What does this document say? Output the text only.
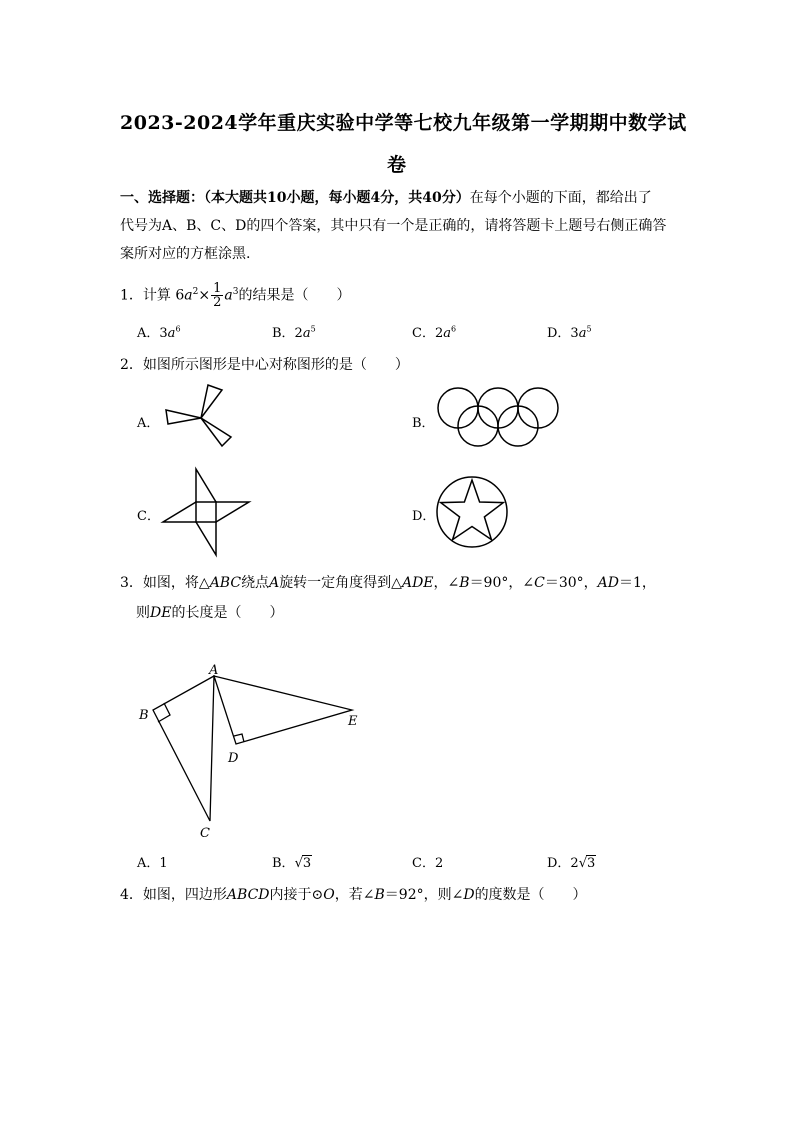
2023-2024学年重庆实验中学等七校九年级第一学期期中数学试
卷
一、选择题：（本大题共10小题，每小题4分，共40分）在每个小题的下面，都给出了
代号为A、B、C、D的四个答案，其中只有一个是正确的，请将答题卡上题号右侧正确答
案所对应的方框涂黑.
1．计算 $6a^2\times \frac{1}{2} a^3$的结果是（　　）
A．$3a^6$	B．$2a^5$	C．$2a^6$	D．$3a^5$
2．如图所示图形是中心对称图形的是（　　）
A．	B．
C．	D．
3．如图，将△ABC绕点A旋转一定角度得到△ADE，∠B＝90°，∠C＝30°，AD＝1，
则DE的长度是（　　）
A
B
C
D
E
A．1	B．√3	C．2	D．2√3
4．如图，四边形ABCD内接于⊙O，若∠B＝92°，则∠D的度数是（　　）
